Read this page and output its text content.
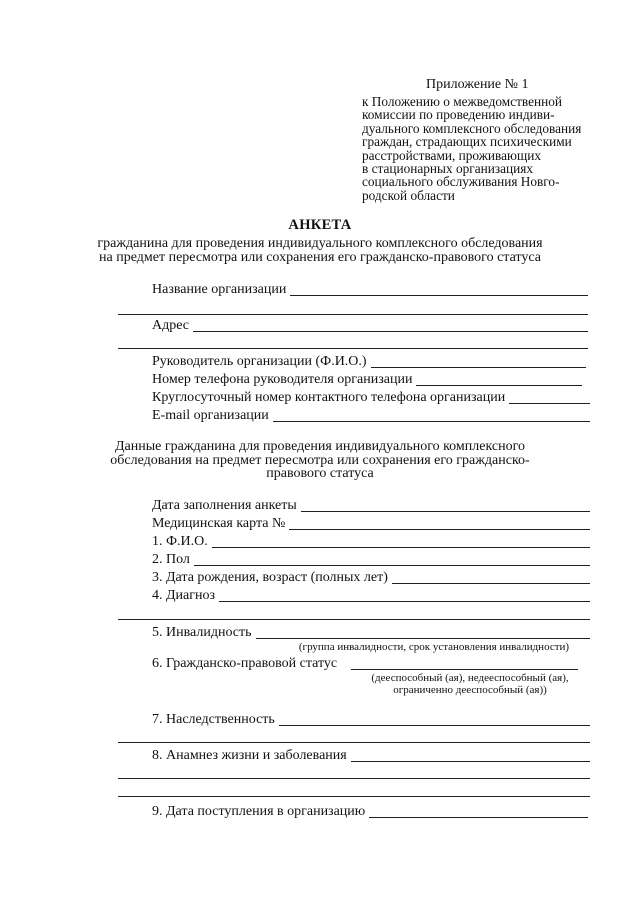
Приложение № 1
к Положению о межведомственной
комиссии по проведению индиви-
дуального комплексного обследования
граждан, страдающих психическими
расстройствами, проживающих
в стационарных организациях
социального обслуживания Новго-
родской области
АНКЕТА
гражданина для проведения индивидуального комплексного обследования
на предмет пересмотра или сохранения его гражданско-правового статуса
Название организации
Адрес
Руководитель организации (Ф.И.О.)
Номер телефона руководителя организации
Круглосуточный номер контактного телефона организации
E-mail организации
Данные гражданина для проведения индивидуального комплексного
обследования на предмет пересмотра или сохранения его гражданско-
правового статуса
Дата заполнения анкеты
Медицинская карта №
1. Ф.И.О.
2. Пол
3. Дата рождения, возраст (полных лет)
4. Диагноз
5. Инвалидность
(группа инвалидности, срок установления инвалидности)
6. Гражданско-правовой статус
(дееспособный (ая), недееспособный (ая),
ограниченно дееспособный (ая))
7. Наследственность
8. Анамнез жизни и заболевания
9. Дата поступления в организацию
